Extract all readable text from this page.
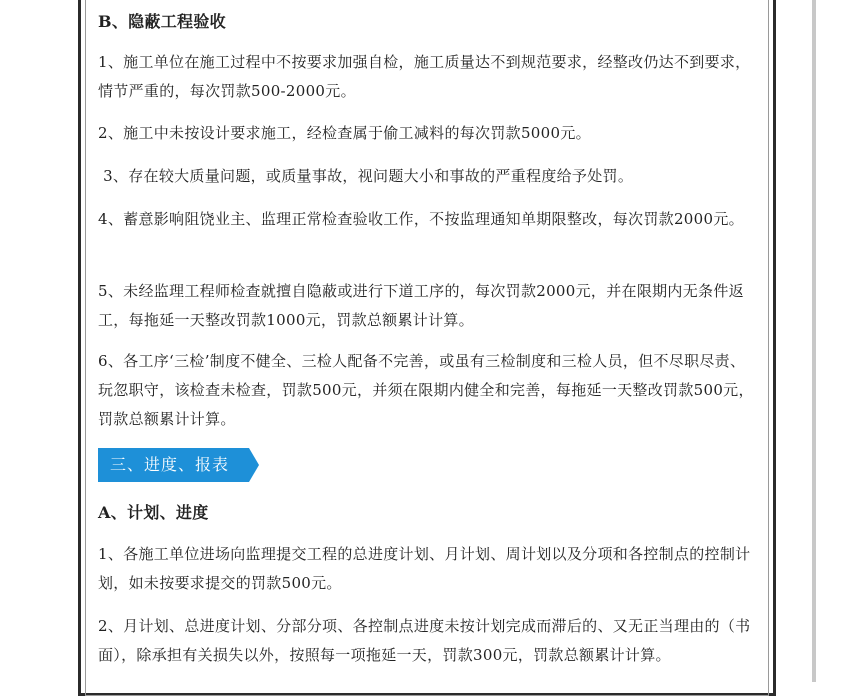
B、隐蔽工程验收

1、施工单位在施工过程中不按要求加强自检，施工质量达不到规范要求，经整改仍达不到要求，情节严重的，每次罚款500-2000元。

2、施工中未按设计要求施工，经检查属于偷工减料的每次罚款5000元。

3、存在较大质量问题，或质量事故，视问题大小和事故的严重程度给予处罚。

4、蓄意影响阻饶业主、监理正常检查验收工作，不按监理通知单期限整改，每次罚款2000元。

5、未经监理工程师检查就擅自隐蔽或进行下道工序的，每次罚款2000元，并在限期内无条件返工，每拖延一天整改罚款1000元，罚款总额累计计算。

6、各工序‘三检’制度不健全、三检人配备不完善，或虽有三检制度和三检人员，但不尽职尽责、玩忽职守，该检查未检查，罚款500元，并须在限期内健全和完善，每拖延一天整改罚款500元，罚款总额累计计算。

三、进度、报表

A、计划、进度

1、各施工单位进场向监理提交工程的总进度计划、月计划、周计划以及分项和各控制点的控制计划，如未按要求提交的罚款500元。

2、月计划、总进度计划、分部分项、各控制点进度未按计划完成而滞后的、又无正当理由的（书面），除承担有关损失以外，按照每一项拖延一天，罚款300元，罚款总额累计计算。
